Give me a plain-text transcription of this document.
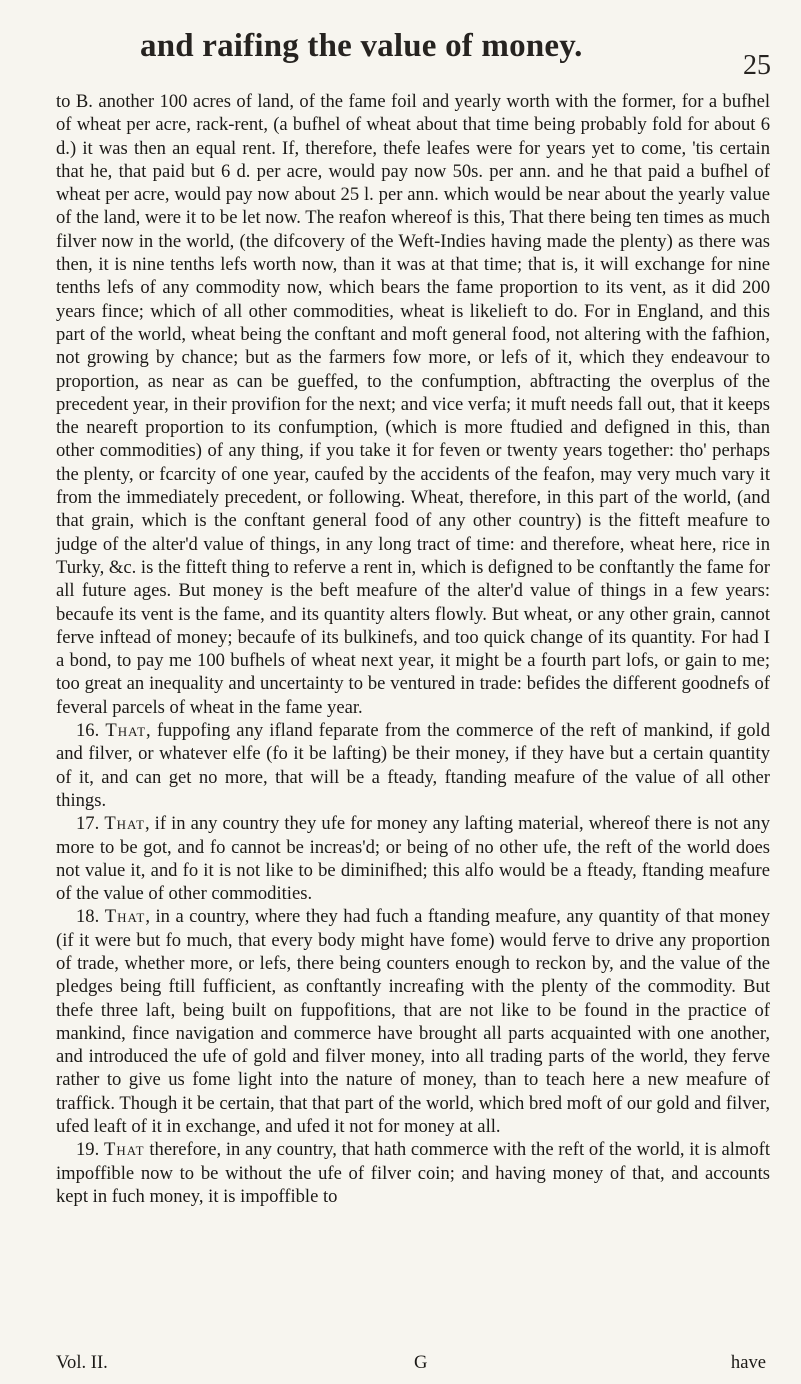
and raifing the value of money.
25

to B. another 100 acres of land, of the fame foil and yearly worth with the former, for a bufhel of wheat per acre, rack-rent, (a bufhel of wheat about that time being probably fold for about 6 d.) it was then an equal rent. If, therefore, thefe leafes were for years yet to come, 'tis certain that he, that paid but 6 d. per acre, would pay now 50s. per ann. and he that paid a bufhel of wheat per acre, would pay now about 25 l. per ann. which would be near about the yearly value of the land, were it to be let now. The reafon whereof is this, That there being ten times as much filver now in the world, (the difcovery of the Weft-Indies having made the plenty) as there was then, it is nine tenths lefs worth now, than it was at that time; that is, it will exchange for nine tenths lefs of any commodity now, which bears the fame proportion to its vent, as it did 200 years fince; which of all other commodities, wheat is likelieft to do. For in England, and this part of the world, wheat being the conftant and moft general food, not altering with the fafhion, not growing by chance; but as the farmers fow more, or lefs of it, which they endeavour to proportion, as near as can be gueffed, to the confumption, abftracting the overplus of the precedent year, in their provifion for the next; and vice verfa; it muft needs fall out, that it keeps the neareft proportion to its confumption, (which is more ftudied and defigned in this, than other commodities) of any thing, if you take it for feven or twenty years together: tho' perhaps the plenty, or fcarcity of one year, caufed by the accidents of the feafon, may very much vary it from the immediately precedent, or following. Wheat, therefore, in this part of the world, (and that grain, which is the conftant general food of any other country) is the fitteft meafure to judge of the alter'd value of things, in any long tract of time: and therefore, wheat here, rice in Turky, &c. is the fitteft thing to referve a rent in, which is defigned to be conftantly the fame for all future ages. But money is the beft meafure of the alter'd value of things in a few years: becaufe its vent is the fame, and its quantity alters flowly. But wheat, or any other grain, cannot ferve inftead of money; becaufe of its bulkinefs, and too quick change of its quantity. For had I a bond, to pay me 100 bufhels of wheat next year, it might be a fourth part lofs, or gain to me; too great an inequality and uncertainty to be ventured in trade: befides the different goodnefs of feveral parcels of wheat in the fame year.

16. That, fuppofing any ifland feparate from the commerce of the reft of mankind, if gold and filver, or whatever elfe (fo it be lafting) be their money, if they have but a certain quantity of it, and can get no more, that will be a fteady, ftanding meafure of the value of all other things.

17. That, if in any country they ufe for money any lafting material, whereof there is not any more to be got, and fo cannot be increas'd; or being of no other ufe, the reft of the world does not value it, and fo it is not like to be diminifhed; this alfo would be a fteady, ftanding meafure of the value of other commodities.

18. That, in a country, where they had fuch a ftanding meafure, any quantity of that money (if it were but fo much, that every body might have fome) would ferve to drive any proportion of trade, whether more, or lefs, there being counters enough to reckon by, and the value of the pledges being ftill fufficient, as conftantly increafing with the plenty of the commodity. But thefe three laft, being built on fuppofitions, that are not like to be found in the practice of mankind, fince navigation and commerce have brought all parts acquainted with one another, and introduced the ufe of gold and filver money, into all trading parts of the world, they ferve rather to give us fome light into the nature of money, than to teach here a new meafure of traffick. Though it be certain, that that part of the world, which bred moft of our gold and filver, ufed leaft of it in exchange, and ufed it not for money at all.

19. That therefore, in any country, that hath commerce with the reft of the world, it is almoft impoffible now to be without the ufe of filver coin; and having money of that, and accounts kept in fuch money, it is impoffible to

Vol. II.	G	have
